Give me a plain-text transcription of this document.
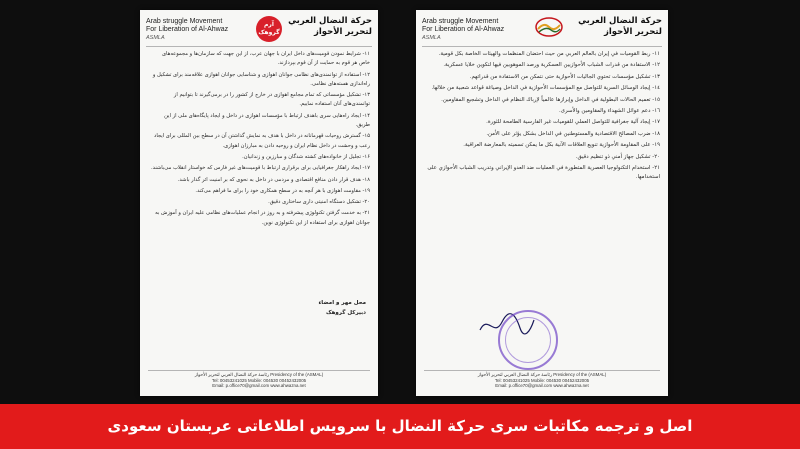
Arab struggle Movement
For Liberation of Al-Ahwaz
ASMLA
آرم گروهک
حركة النضال العربي
لتحرير الأحواز

۱۱- شرایط نمودن قومیت‌های داخل ایران با جهان عرب، از این جهت که سازمان‌ها و مجموعه‌های خاص هر قوم به حمایت از آن قوم بپردازند.

۱۲- استفاده از توانمندی‌های نظامی جوانان اهوازی و شناسایی جوانان اهوازی علاقه‌مند برای تشکیل و راه‌اندازی هسته‌های نظامی.

۱۳- تشکیل مؤسساتی که تمام مجامع اهوازی در خارج از کشور را در برمی‌گیرند تا بتوانیم از توانمندی‌های آنان استفاده نماییم.

۱۴- ایجاد راه‌هایی سری باهدف ارتباط با مؤسسات اهوازی در داخل و ایجاد پایگاه‌های ملی از این طریق.

۱۵- گسترش روحیات قهرمانانه در داخل با هدف به نمایش گذاشتن آن در سطح بین المللی برای ایجاد رعب و وحشت در داخل نظام ایران و روحیه دادن به مبارزان اهوازی.

۱۶- تجلیل از خانواده‌های کشته شدگان و مبارزین و زندانیان.

۱۷- ایجاد راهکار جغرافیایی برای برقراری ارتباط با قومیت‌های غیر فارس که خواستار انقلاب می‌باشند.

۱۸- هدف قرار دادن منافع اقتصادی و مردمی در داخل به نحوی که بر امنیت اثر گذار باشد.

۱۹- مقاومت اهوازی با هر آنچه به در سطح همکاری خود را برای ما فراهم می‌کند.

۲۰- تشکیل دستگاه امنیتی داری ساختاری دقیق.

۲۱- به خدمت گرفتن تکنولوژی پیشرفته و به روز در انجام عملیات‌های نظامی علیه ایران و آموزش به جوانان اهوازی برای استفاده از این تکنولوژی نوین.

محل مهر و امضاء
دبیرکل گروهک
Presidency of the (ASMAL) رئاسة حركة النضال العربي لتحرير الأحواز
Tel: 00453241025 Mobile: 004530 00452432005
Email: p.office70@gmail.com www.ahwazna.net
Arab struggle Movement
For Liberation of Al-Ahwaz
ASMLA
حركة النضال العربي
لتحرير الأحواز

١١- ربط القوميات في إيران بالعالم العربي من حيث احتضان المنظمات والهيئات الخاصة بكل قومية.

١٢- الاستفادة من قدرات الشباب الأحوازيين العسكرية ورصد الموهوبين فيها لتكوين خلايا عسكرية.

١٣- تشكيل مؤسسات تحتوي الجاليات الأحوازية حتى نتمكن من الاستفادة من قدراتهم.

١٤- إيجاد الوسائل السرية للتواصل مع المؤسسات الأحوازية في الداخل وصياغة قواعد شعبية من خلالها.

١٥- تعميم الحالات البطولية في الداخل وإبرازها عالمياً لإرباك النظام في الداخل وتشجيع المقاومين.

١٦- دعم عوائل الشهداء والمقاومين والأسرى.

١٧- إيجاد آلية جغرافية للتواصل العملي للقوميات غير الفارسية الطامحة للثورة.

١٨- ضرب المصالح الاقتصادية والمستوطنين في الداخل بشكل يؤثر على الأمن.

١٩- على المقاومة الأحوازية تنويع العلاقات الآنية بكل ما يمكن تسميته بالمعارضة العراقية.

٢٠- تشكيل جهاز أمني ذو تنظيم دقيق.

٢١- استخدام التكنولوجيا العصرية المتطورة في العمليات ضد العدو الإيراني وتدريب الشباب الأحوازي على استخدامها.

Presidency of the (ASMAL) رئاسة حركة النضال العربي لتحرير الأحواز
Tel: 00453241025 Mobile: 004530 00452432005
Email: p.office70@gmail.com www.ahwazna.net
اصل و ترجمه مکاتبات سری حرکة النضال با سرویس اطلاعاتی عربستان سعودی
